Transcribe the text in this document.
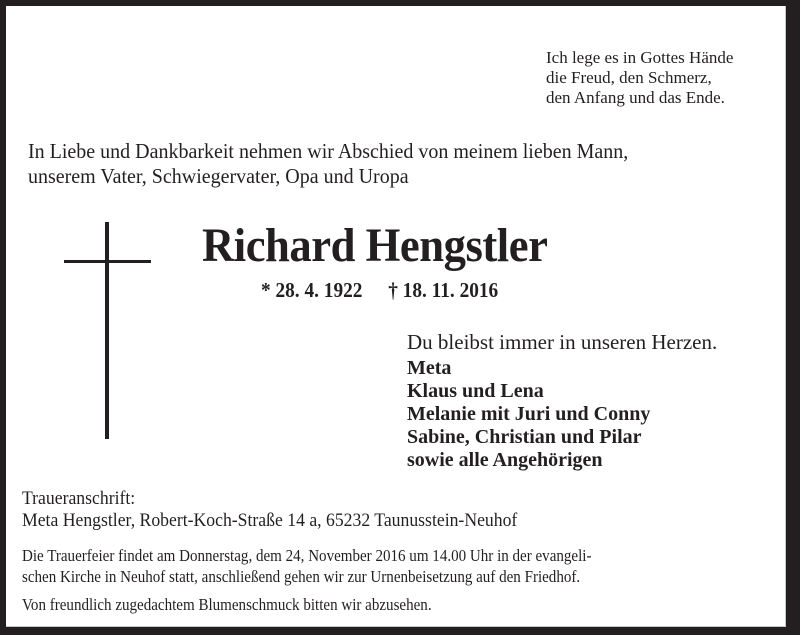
Ich lege es in Gottes Hände
die Freud, den Schmerz,
den Anfang und das Ende.
In Liebe und Dankbarkeit nehmen wir Abschied von meinem lieben Mann,
unserem Vater, Schwiegervater, Opa und Uropa
Richard Hengstler
* 28. 4. 1922 † 18. 11. 2016
Du bleibst immer in unseren Herzen.
Meta
Klaus und Lena
Melanie mit Juri und Conny
Sabine, Christian und Pilar
sowie alle Angehörigen
Traueranschrift:
Meta Hengstler, Robert-Koch-Straße 14 a, 65232 Taunusstein-Neuhof
Die Trauerfeier findet am Donnerstag, dem 24, November 2016 um 14.00 Uhr in der evangeli-
schen Kirche in Neuhof statt, anschließend gehen wir zur Urnenbeisetzung auf den Friedhof.
Von freundlich zugedachtem Blumenschmuck bitten wir abzusehen.
